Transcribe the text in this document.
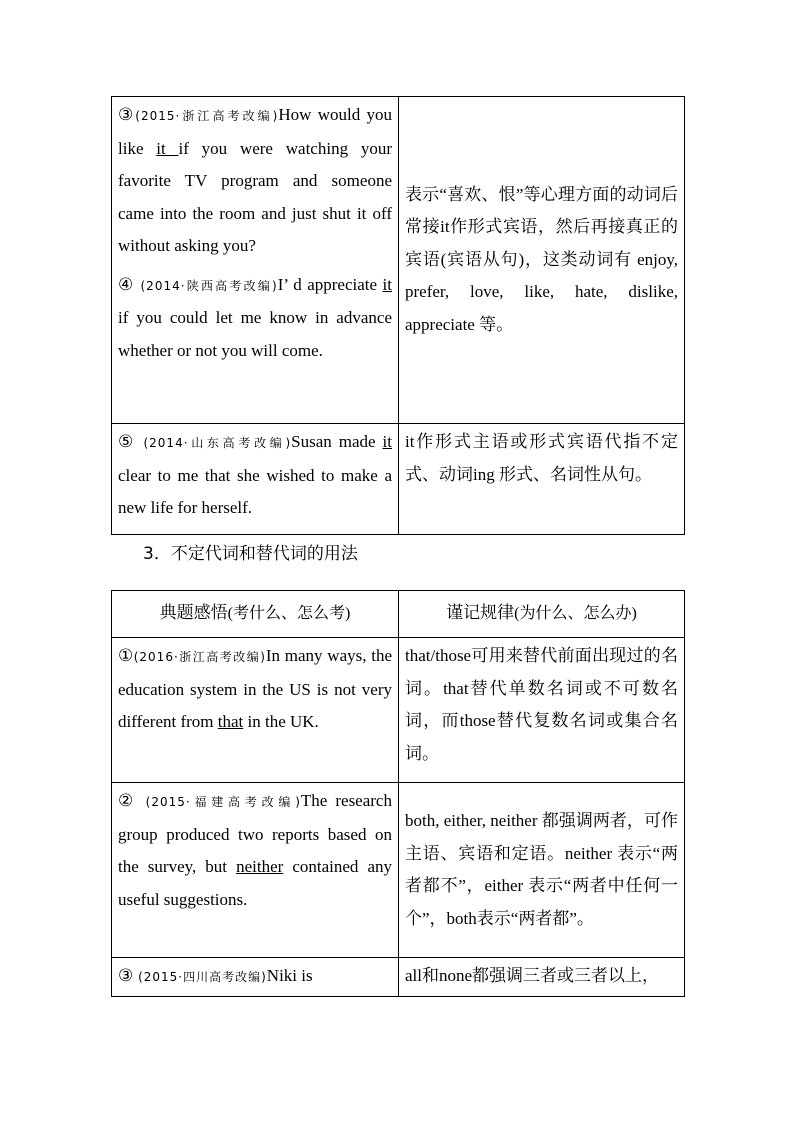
③(2015·浙江高考改编)How would you like it if you were watching your favorite TV program and someone came into the room and just shut it off without asking you?

④ (2014·陕西高考改编)I’ d appreciate it if you could let me know in advance whether or not you will come.	表示“喜欢、恨”等心理方面的动词后常接it作形式宾语，然后再接真正的宾语(宾语从句)，这类动词有 enjoy, prefer, love, like, hate, dislike, appreciate 等。
⑤ (2014·山东高考改编)Susan made it clear to me that she wished to make a new life for herself.	it作形式主语或形式宾语代指不定式、动词ing 形式、名词性从句。
3．不定代词和替代词的用法
典题感悟(考什么、怎么考)	谨记规律(为什么、怎么办)
①(2016·浙江高考改编)In many ways, the education system in the US is not very different from that in the UK.	that/those可用来替代前面出现过的名词。that替代单数名词或不可数名词，而those替代复数名词或集合名词。
② (2015·福建高考改编)The research group produced two reports based on the survey, but neither contained any useful suggestions.	both, either, neither 都强调两者，可作主语、宾语和定语。neither 表示“两者都不”，either 表示“两者中任何一个”，both表示“两者都”。
③ (2015·四川高考改编)Niki is	all和none都强调三者或三者以上，
